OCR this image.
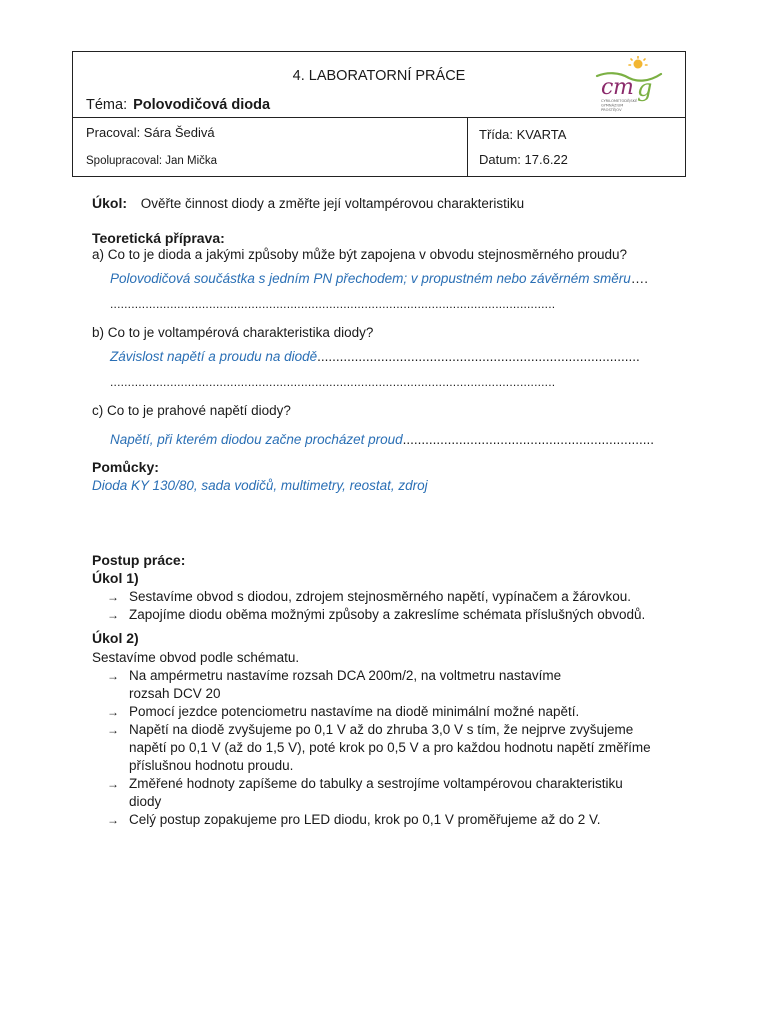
4. LABORATORNÍ PRÁCE
Téma: Polovodičová dioda
c m g
CYRILOMETODĚJSKÉ
GYMNÁZIUM
PROSTĚJOV
Pracoval: Sára Šedivá
Spolupracoval: Jan Mička
Třída: KVARTA
Datum: 17.6.22
Úkol: Ověřte činnost diody a změřte její voltampérovou charakteristiku
Teoretická příprava:
a) Co to je dioda a jakými způsoby může být zapojena v obvodu stejnosměrného proudu?
Polovodičová součástka s jedním PN přechodem; v propustném nebo závěrném směru….
..............................................................................................................................
b) Co to je voltampérová charakteristika diody?
Závislost napětí a proudu na diodě......................................................................................
..............................................................................................................................
c) Co to je prahové napětí diody?
Napětí, při kterém diodou začne procházet proud...................................................................
Pomůcky:
Dioda KY 130/80, sada vodičů, multimetry, reostat, zdroj
Postup práce:
Úkol 1)
→ Sestavíme obvod s diodou, zdrojem stejnosměrného napětí, vypínačem a žárovkou.
→ Zapojíme diodu oběma možnými způsoby a zakreslíme schémata příslušných obvodů.
Úkol 2)
Sestavíme obvod podle schématu.
→ Na ampérmetru nastavíme rozsah DCA 200m/2, na voltmetru nastavíme
rozsah DCV 20
→ Pomocí jezdce potenciometru nastavíme na diodě minimální možné napětí.
→ Napětí na diodě zvyšujeme po 0,1 V až do zhruba 3,0 V s tím, že nejprve zvyšujeme
napětí po 0,1 V (až do 1,5 V), poté krok po 0,5 V a pro každou hodnotu napětí změříme
příslušnou hodnotu proudu.
→ Změřené hodnoty zapíšeme do tabulky a sestrojíme voltampérovou charakteristiku
diody
→ Celý postup zopakujeme pro LED diodu, krok po 0,1 V proměřujeme až do 2 V.
